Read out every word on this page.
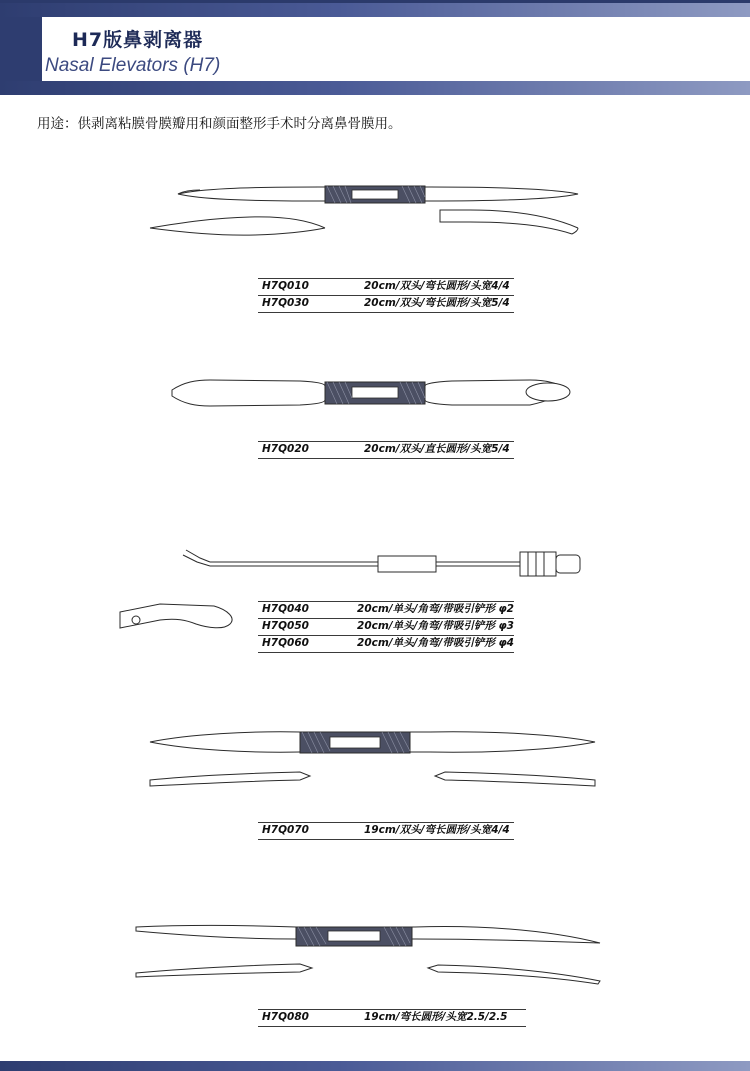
H7版鼻剥离器
Nasal Elevators (H7)
用途：供剥离粘膜骨膜瓣用和颜面整形手术时分离鼻骨膜用。
H7Q010	20cm/双头/弯长圆形/头宽4/4
H7Q030	20cm/双头/弯长圆形/头宽5/4
H7Q020	20cm/双头/直长圆形/头宽5/4
H7Q040	20cm/单头/角弯/带吸引铲形 φ2
H7Q050	20cm/单头/角弯/带吸引铲形 φ3
H7Q060	20cm/单头/角弯/带吸引铲形 φ4
H7Q070	19cm/双头/弯长圆形/头宽4/4
H7Q080	19cm/弯长圆形/头宽2.5/2.5
